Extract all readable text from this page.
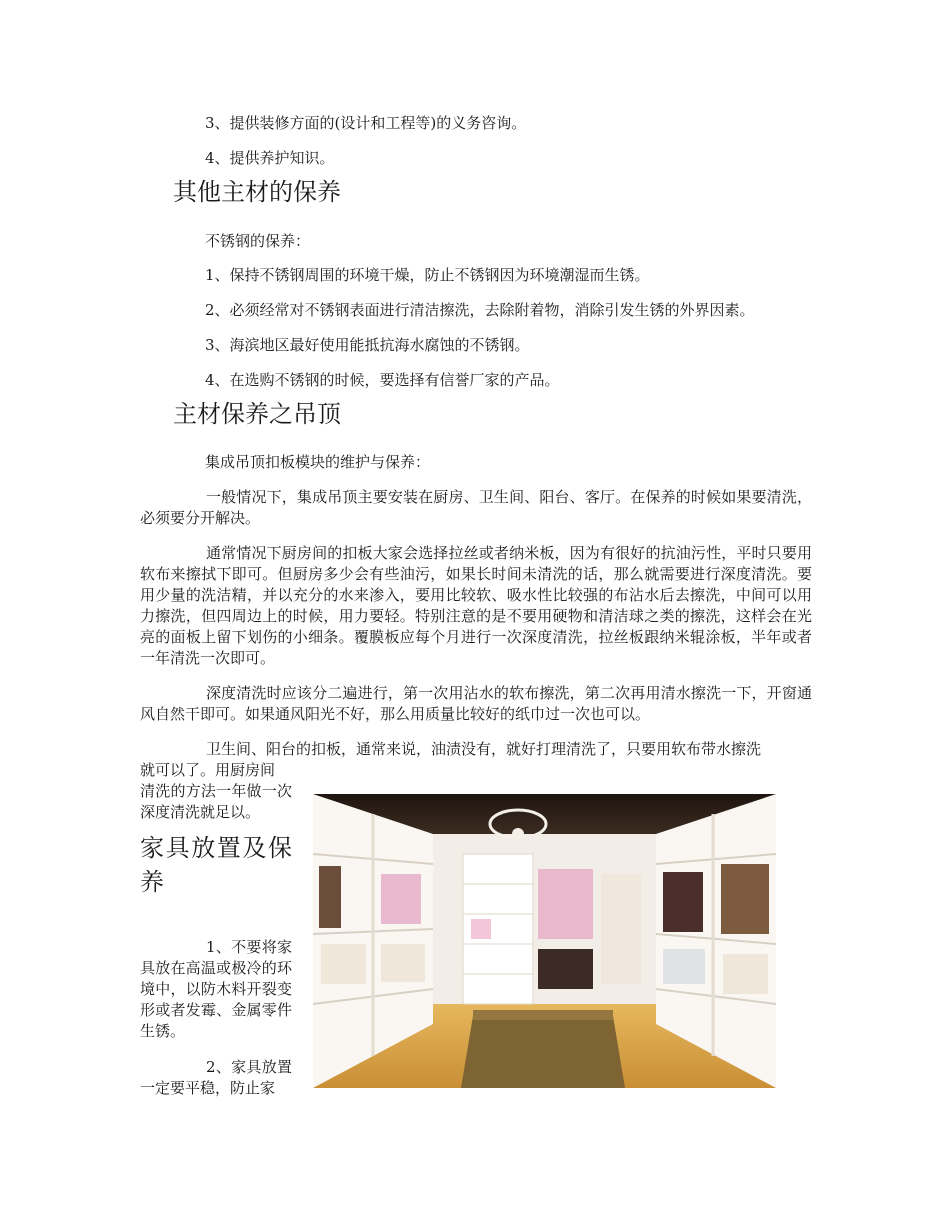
3、提供装修方面的(设计和工程等)的义务咨询。

4、提供养护知识。

其他主材的保养

不锈钢的保养：

1、保持不锈钢周围的环境干燥，防止不锈钢因为环境潮湿而生锈。

2、必须经常对不锈钢表面进行清洁擦洗，去除附着物，消除引发生锈的外界因素。

3、海滨地区最好使用能抵抗海水腐蚀的不锈钢。

4、在选购不锈钢的时候，要选择有信誉厂家的产品。

主材保养之吊顶

集成吊顶扣板模块的维护与保养：

一般情况下，集成吊顶主要安装在厨房、卫生间、阳台、客厅。在保养的时候如果要清洗，必须要分开解决。

通常情况下厨房间的扣板大家会选择拉丝或者纳米板，因为有很好的抗油污性，平时只要用软布来擦拭下即可。但厨房多少会有些油污，如果长时间未清洗的话，那么就需要进行深度清洗。要用少量的洗洁精，并以充分的水来渗入，要用比较软、吸水性比较强的布沾水后去擦洗，中间可以用力擦洗，但四周边上的时候，用力要轻。特别注意的是不要用硬物和清洁球之类的擦洗，这样会在光亮的面板上留下划伤的小细条。覆膜板应每个月进行一次深度清洗，拉丝板跟纳米辊涂板，半年或者一年清洗一次即可。

深度清洗时应该分二遍进行，第一次用沾水的软布擦洗，第二次再用清水擦洗一下，开窗通风自然干即可。如果通风阳光不好，那么用质量比较好的纸巾过一次也可以。

卫生间、阳台的扣板，通常来说，油渍没有，就好打理清洗了，只要用软布带水擦洗

就可以了。用厨房间

清洗的方法一年做一次深度清洗就足以。

家具放置及保养

1、不要将家具放在高温或极冷的环境中，以防木料开裂变形或者发霉、金属零件生锈。

2、家具放置一定要平稳，防止家
